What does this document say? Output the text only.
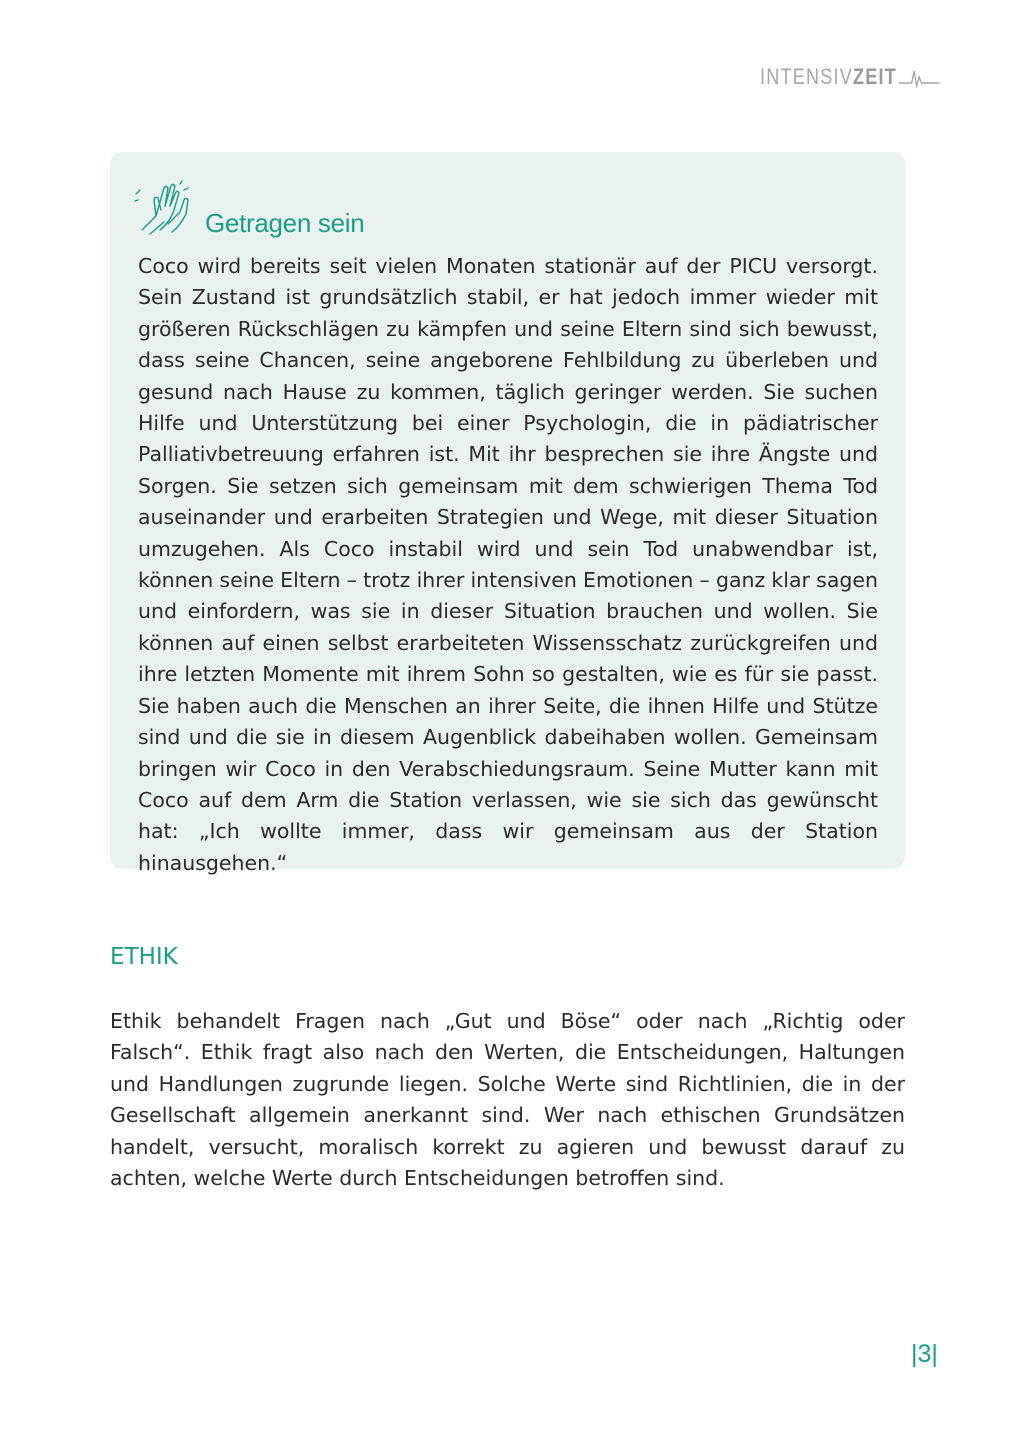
INTENSIV ZEIT
Getragen sein
Coco wird bereits seit vielen Monaten stationär auf der PICU versorgt. Sein Zustand ist grundsätzlich stabil, er hat jedoch immer wieder mit größeren Rückschlägen zu kämpfen und seine Eltern sind sich bewusst, dass seine Chancen, seine angeborene Fehlbildung zu überleben und gesund nach Hause zu kommen, täglich geringer werden. Sie suchen Hilfe und Unterstützung bei einer Psychologin, die in pädiatrischer Palliativbetreuung erfahren ist. Mit ihr besprechen sie ihre Ängste und Sorgen. Sie setzen sich gemeinsam mit dem schwierigen Thema Tod auseinander und erarbeiten Strategien und Wege, mit dieser Situation umzugehen. Als Coco instabil wird und sein Tod unabwendbar ist, können seine Eltern – trotz ihrer intensiven Emotionen – ganz klar sagen und einfordern, was sie in dieser Situation brauchen und wollen. Sie können auf einen selbst erarbeiteten Wissensschatz zurückgreifen und ihre letzten Momente mit ihrem Sohn so gestalten, wie es für sie passt. Sie haben auch die Menschen an ihrer Seite, die ihnen Hilfe und Stütze sind und die sie in diesem Augenblick dabeihaben wollen. Gemeinsam bringen wir Coco in den Verabschiedungsraum. Seine Mutter kann mit Coco auf dem Arm die Station verlassen, wie sie sich das gewünscht hat: „Ich wollte immer, dass wir gemeinsam aus der Station hinausgehen.“
ETHIK
Ethik behandelt Fragen nach „Gut und Böse“ oder nach „Richtig oder Falsch“. Ethik fragt also nach den Werten, die Entscheidungen, Haltungen und Handlungen zugrunde liegen. Solche Werte sind Richtlinien, die in der Gesellschaft allgemein anerkannt sind. Wer nach ethischen Grundsätzen handelt, versucht, moralisch korrekt zu agieren und bewusst darauf zu achten, welche Werte durch Entscheidungen betroffen sind.
|3|
